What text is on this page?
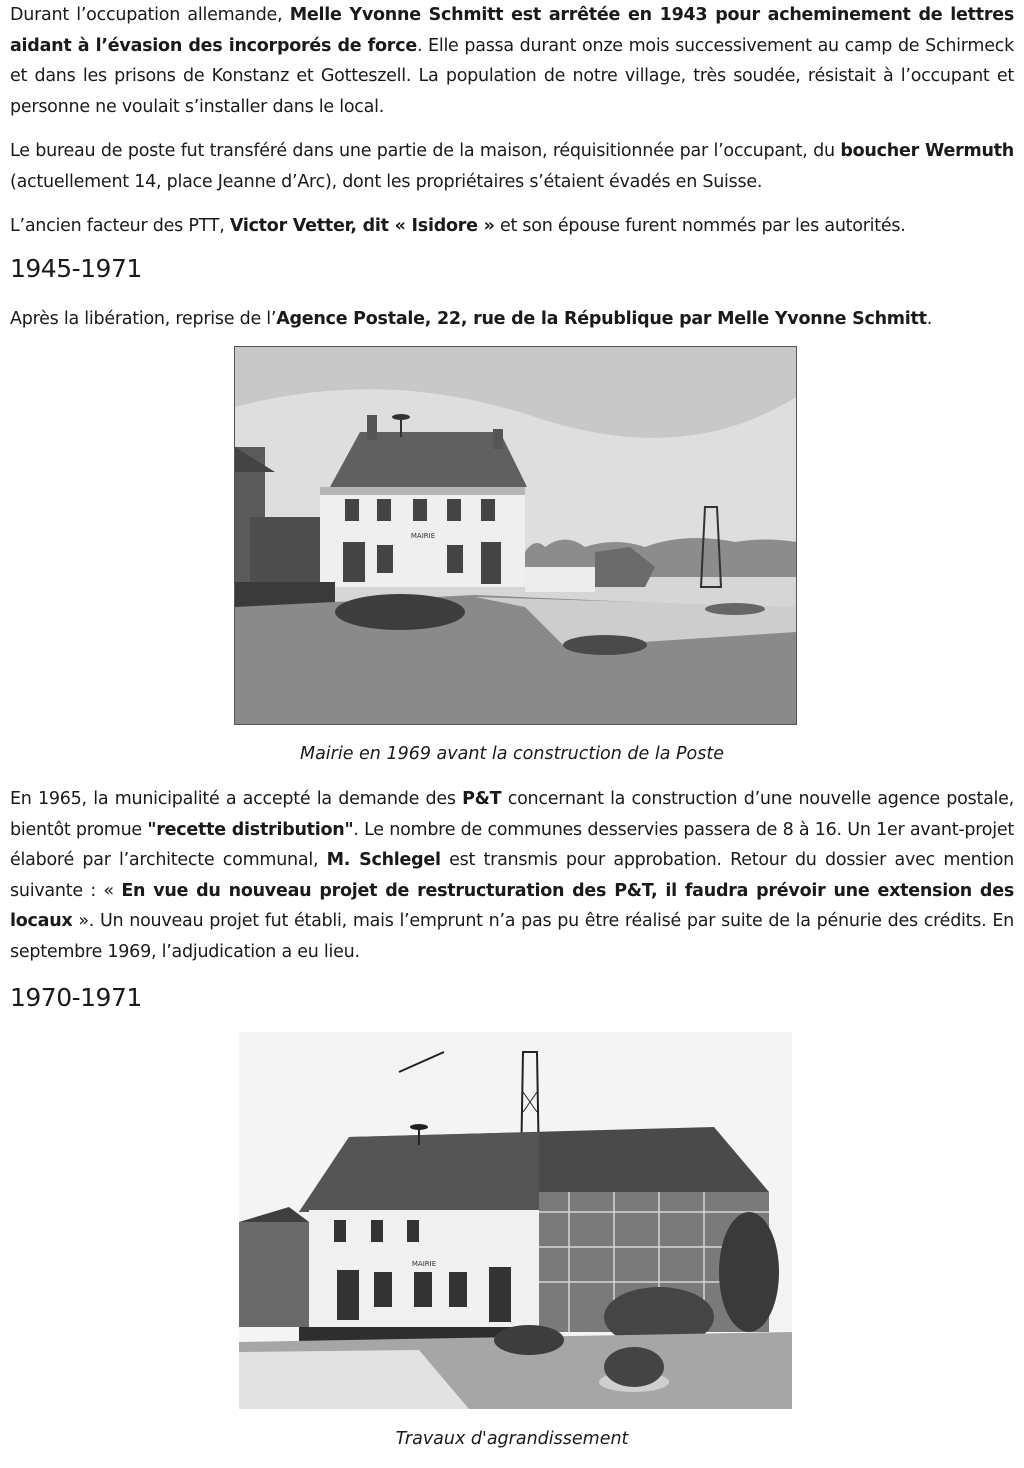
Durant l’occupation allemande, Melle Yvonne Schmitt est arrêtée en 1943 pour acheminement de lettres aidant à l’évasion des incorporés de force. Elle passa durant onze mois successivement au camp de Schirmeck et dans les prisons de Konstanz et Gotteszell. La population de notre village, très soudée, résistait à l’occupant et personne ne voulait s’installer dans le local.

Le bureau de poste fut transféré dans une partie de la maison, réquisitionnée par l’occupant, du boucher Wermuth (actuellement 14, place Jeanne d’Arc), dont les propriétaires s’étaient évadés en Suisse.

L’ancien facteur des PTT, Victor Vetter, dit « Isidore » et son épouse furent nommés par les autorités.

1945-1971

Après la libération, reprise de l’Agence Postale, 22, rue de la République par Melle Yvonne Schmitt.

MAIRIE
Mairie en 1969 avant la construction de la Poste

En 1965, la municipalité a accepté la demande des P&T concernant la construction d’une nouvelle agence postale, bientôt promue "recette distribution". Le nombre de communes desservies passera de 8 à 16. Un 1er avant-projet élaboré par l’architecte communal, M. Schlegel est transmis pour approbation. Retour du dossier avec mention suivante : « En vue du nouveau projet de restructuration des P&T, il faudra prévoir une extension des locaux ». Un nouveau projet fut établi, mais l’emprunt n’a pas pu être réalisé par suite de la pénurie des crédits. En septembre 1969, l’adjudication a eu lieu.

1970-1971
MAIRIE
Travaux d'agrandissement
